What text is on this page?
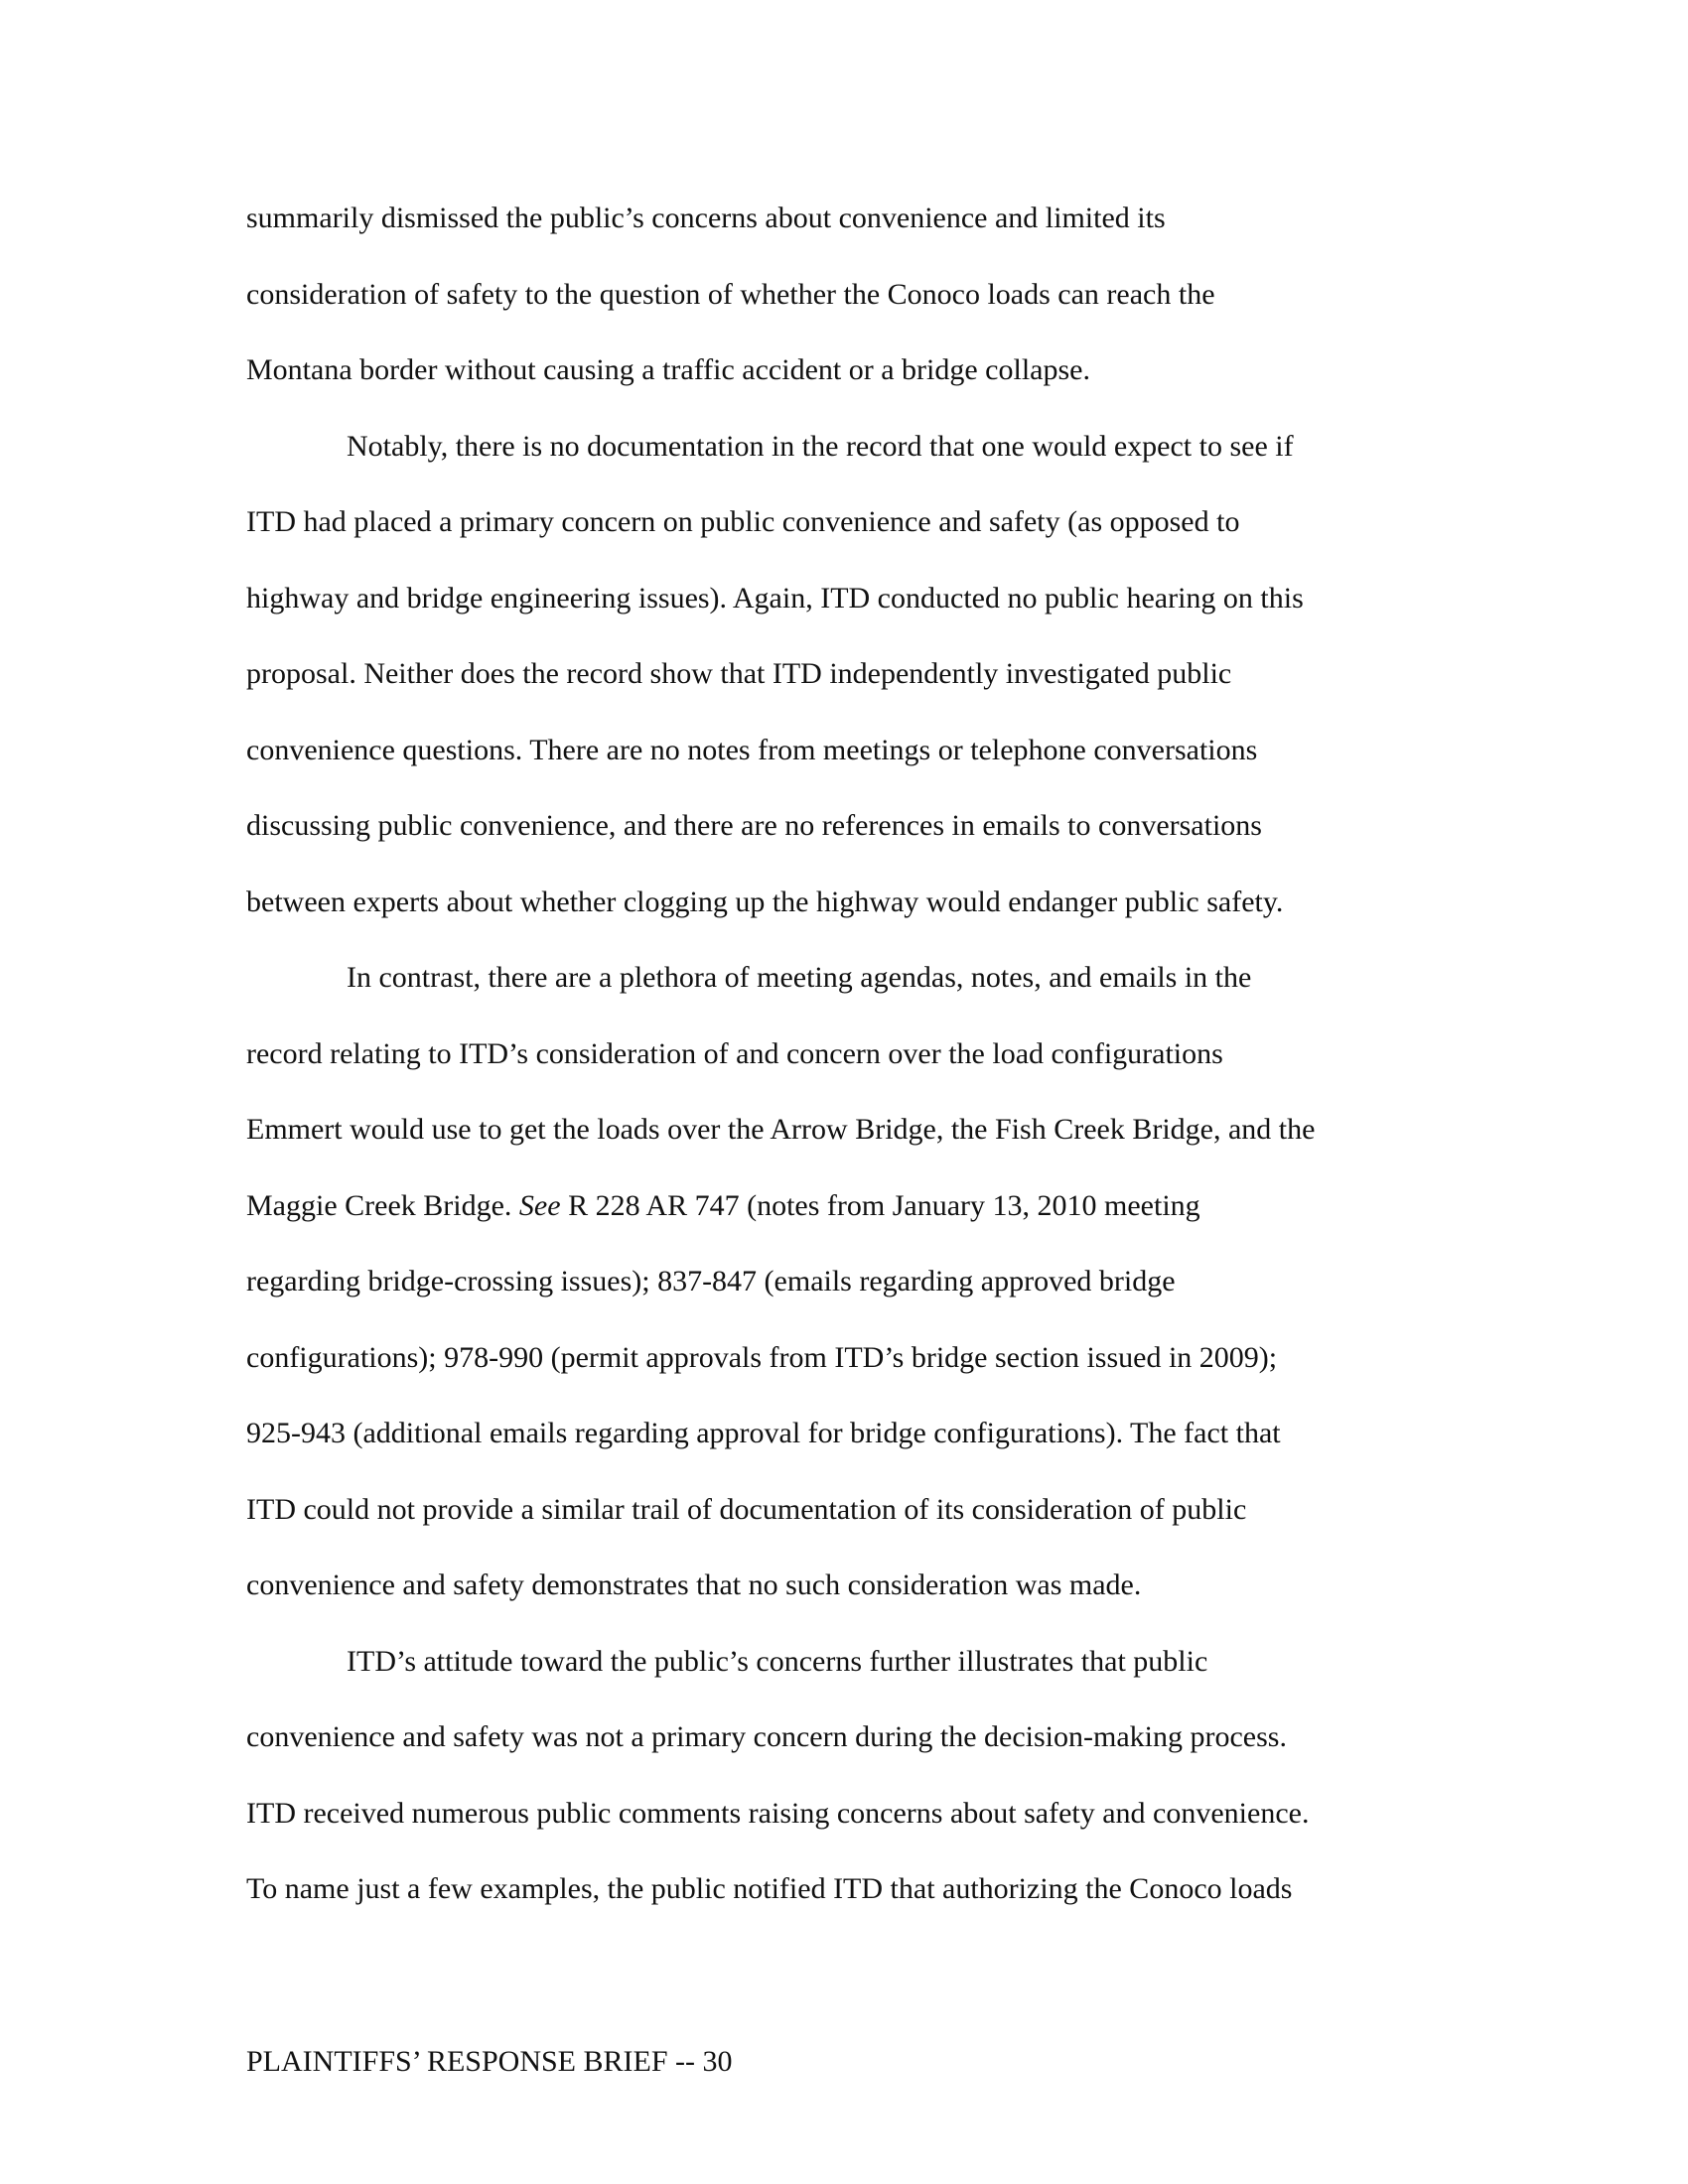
summarily dismissed the public’s concerns about convenience and limited its
consideration of safety to the question of whether the Conoco loads can reach the
Montana border without causing a traffic accident or a bridge collapse.
Notably, there is no documentation in the record that one would expect to see if
ITD had placed a primary concern on public convenience and safety (as opposed to
highway and bridge engineering issues). Again, ITD conducted no public hearing on this
proposal. Neither does the record show that ITD independently investigated public
convenience questions. There are no notes from meetings or telephone conversations
discussing public convenience, and there are no references in emails to conversations
between experts about whether clogging up the highway would endanger public safety.
In contrast, there are a plethora of meeting agendas, notes, and emails in the
record relating to ITD’s consideration of and concern over the load configurations
Emmert would use to get the loads over the Arrow Bridge, the Fish Creek Bridge, and the
Maggie Creek Bridge. See R 228 AR 747 (notes from January 13, 2010 meeting
regarding bridge-crossing issues); 837-847 (emails regarding approved bridge
configurations); 978-990 (permit approvals from ITD’s bridge section issued in 2009);
925-943 (additional emails regarding approval for bridge configurations). The fact that
ITD could not provide a similar trail of documentation of its consideration of public
convenience and safety demonstrates that no such consideration was made.
ITD’s attitude toward the public’s concerns further illustrates that public
convenience and safety was not a primary concern during the decision-making process.
ITD received numerous public comments raising concerns about safety and convenience.
To name just a few examples, the public notified ITD that authorizing the Conoco loads
PLAINTIFFS’ RESPONSE BRIEF -- 30
